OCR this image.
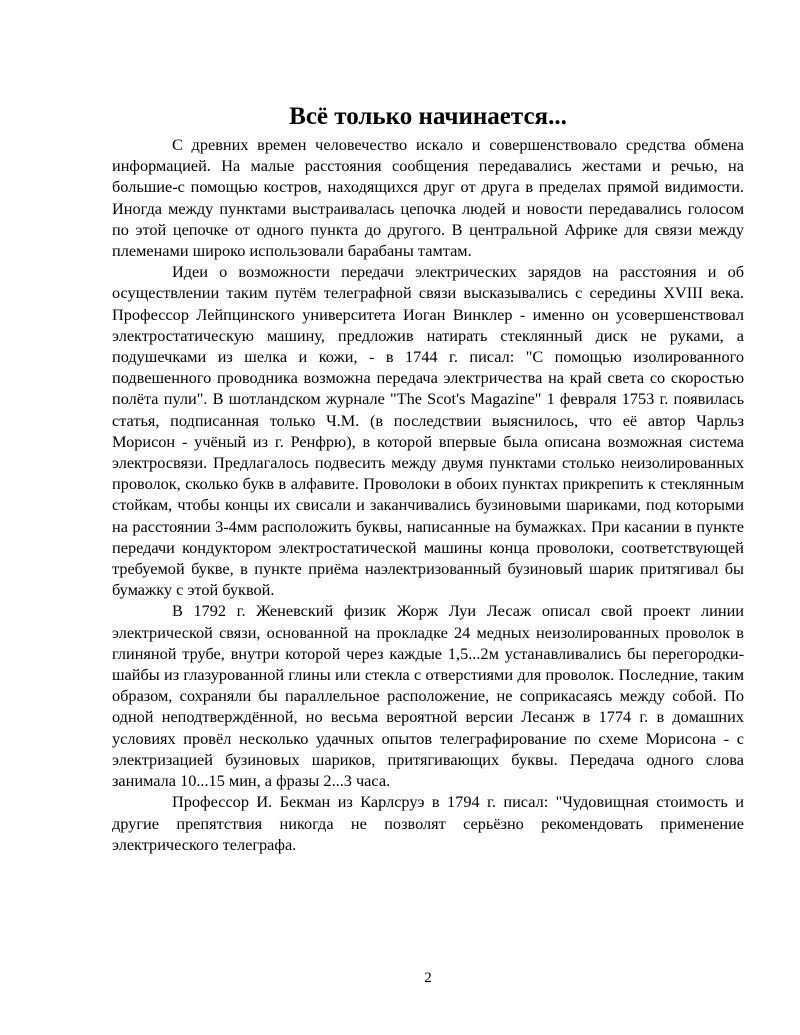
Всё только начинается...

С древних времен человечество искало и совершенствовало средства обмена информацией. На малые расстояния сообщения передавались жестами и речью, на большие-с помощью костров, находящихся друг от друга в пределах прямой видимости. Иногда между пунктами выстраивалась цепочка людей и новости передавались голосом по этой цепочке от одного пункта до другого. В центральной Африке для связи между племенами широко использовали барабаны тамтам.

Идеи о возможности передачи электрических зарядов на расстояния и об осуществлении таким путём телеграфной связи высказывались с середины XVIII века. Профессор Лейпцинского университета Иоган Винклер - именно он усовершенствовал электростатическую машину, предложив натирать стеклянный диск не руками, а подушечками из шелка и кожи, - в 1744 г. писал: "С помощью изолированного подвешенного проводника возможна передача электричества на край света со скоростью полёта пули". В шотландском журнале "The Scot's Magazine" 1 февраля 1753 г. появилась статья, подписанная только Ч.М. (в последствии выяснилось, что её автор Чарльз Морисон - учёный из г. Ренфрю), в которой впервые была описана возможная система электросвязи. Предлагалось подвесить между двумя пунктами столько неизолированных проволок, сколько букв в алфавите. Проволоки в обоих пунктах прикрепить к стеклянным стойкам, чтобы концы их свисали и заканчивались бузиновыми шариками, под которыми на расстоянии 3-4мм расположить буквы, написанные на бумажках. При касании в пункте передачи кондуктором электростатической машины конца проволоки, соответствующей требуемой букве, в пункте приёма наэлектризованный бузиновый шарик притягивал бы бумажку с этой буквой.

В 1792 г. Женевский физик Жорж Луи Лесаж описал свой проект линии электрической связи, основанной на прокладке 24 медных неизолированных проволок в глиняной трубе, внутри которой через каждые 1,5...2м устанавливались бы перегородки-шайбы из глазурованной глины или стекла с отверстиями для проволок. Последние, таким образом, сохраняли бы параллельное расположение, не соприкасаясь между собой. По одной неподтверждённой, но весьма вероятной версии Лесанж в 1774 г. в домашних условиях провёл несколько удачных опытов телеграфирование по схеме Морисона - с электризацией бузиновых шариков, притягивающих буквы. Передача одного слова занимала 10...15 мин, а фразы 2...3 часа.

Профессор И. Бекман из Карлсруэ в 1794 г. писал: "Чудовищная стоимость и другие препятствия никогда не позволят серьёзно рекомендовать применение электрического телеграфа.

2
